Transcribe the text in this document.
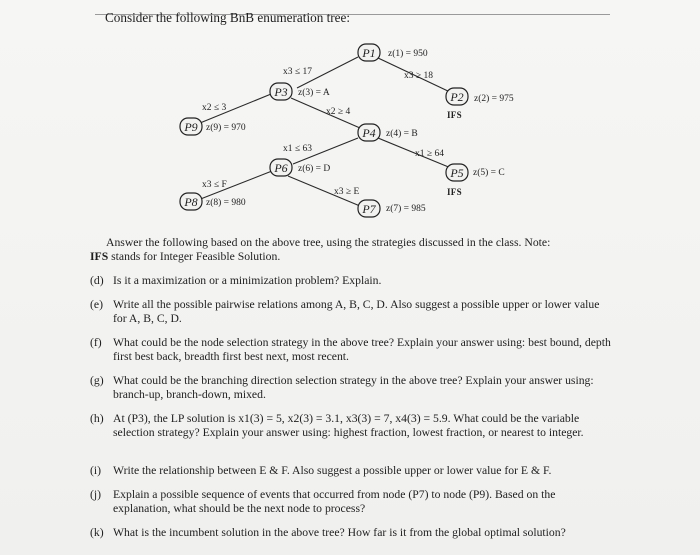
Consider the following BnB enumeration tree:
P1
P2
P3
P4
P5
P6
P7
P8
P9
z(1) = 950
z(2) = 975
z(3) = A
z(4) = B
z(5) = C
z(6) = D
z(7) = 985
z(8) = 980
z(9) = 970
IFS
IFS
x3 ≤ 17	x3 ≥ 18
x2 ≤ 3	x2 ≥ 4
x1 ≤ 63	x1 ≥ 64
x3 ≤ F
x3 ≥ E

Answer the following based on the above tree, using the strategies discussed in the class. Note:

IFS stands for Integer Feasible Solution.

(d) Is it a maximization or a minimization problem? Explain.
(e) Write all the possible pairwise relations among A, B, C, D. Also suggest a possible upper or lower value for A, B, C, D.
(f) What could be the node selection strategy in the above tree? Explain your answer using: best bound, depth first best back, breadth first best next, most recent.
(g) What could be the branching direction selection strategy in the above tree? Explain your answer using: branch-up, branch-down, mixed.
(h) At (P3), the LP solution is x1(3) = 5, x2(3) = 3.1, x3(3) = 7, x4(3) = 5.9. What could be the variable selection strategy? Explain your answer using: highest fraction, lowest fraction, or nearest to integer.
(i)	Write the relationship between E & F. Also suggest a possible upper or lower value for E & F.
(j)	Explain a possible sequence of events that occurred from node (P7) to node (P9). Based on the explanation, what should be the next node to process?
(k) What is the incumbent solution in the above tree? How far is it from the global optimal solution?
